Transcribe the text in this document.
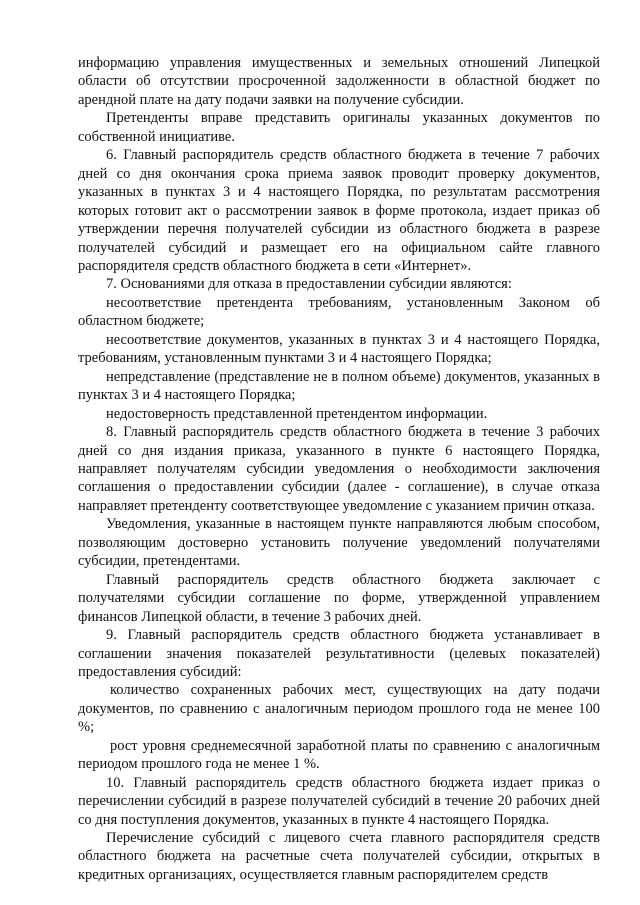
информацию управления имущественных и земельных отношений Липецкой области об отсутствии просроченной задолженности в областной бюджет по арендной плате на дату подачи заявки на получение субсидии.

Претенденты вправе представить оригиналы указанных документов по собственной инициативе.

6. Главный распорядитель средств областного бюджета в течение 7 рабочих дней со дня окончания срока приема заявок проводит проверку документов, указанных в пунктах 3 и 4 настоящего Порядка, по результатам рассмотрения которых готовит акт о рассмотрении заявок в форме протокола, издает приказ об утверждении перечня получателей субсидии из областного бюджета в разрезе получателей субсидий и размещает его на официальном сайте главного распорядителя средств областного бюджета в сети «Интернет».

7. Основаниями для отказа в предоставлении субсидии являются:

несоответствие претендента требованиям, установленным Законом об областном бюджете;

несоответствие документов, указанных в пунктах 3 и 4 настоящего Порядка, требованиям, установленным пунктами 3 и 4 настоящего Порядка;

непредставление (представление не в полном объеме) документов, указанных в пунктах 3 и 4 настоящего Порядка;

недостоверность представленной претендентом информации.

8. Главный распорядитель средств областного бюджета в течение 3 рабочих дней со дня издания приказа, указанного в пункте 6 настоящего Порядка, направляет получателям субсидии уведомления о необходимости заключения соглашения о предоставлении субсидии (далее - соглашение), в случае отказа направляет претенденту соответствующее уведомление с указанием причин отказа.

Уведомления, указанные в настоящем пункте направляются любым способом, позволяющим достоверно установить получение уведомлений получателями субсидии, претендентами.

Главный распорядитель средств областного бюджета заключает с получателями субсидии соглашение по форме, утвержденной управлением финансов Липецкой области, в течение 3 рабочих дней.

9. Главный распорядитель средств областного бюджета устанавливает в соглашении значения показателей результативности (целевых показателей) предоставления субсидий:

количество сохраненных рабочих мест, существующих на дату подачи документов, по сравнению с аналогичным периодом прошлого года не менее 100 %;

рост уровня среднемесячной заработной платы по сравнению с аналогичным периодом прошлого года не менее 1 %.

10. Главный распорядитель средств областного бюджета издает приказ о перечислении субсидий в разрезе получателей субсидий в течение 20 рабочих дней со дня поступления документов, указанных в пункте 4 настоящего Порядка.

Перечисление субсидий с лицевого счета главного распорядителя средств областного бюджета на расчетные счета получателей субсидии, открытых в кредитных организациях, осуществляется главным распорядителем средств
